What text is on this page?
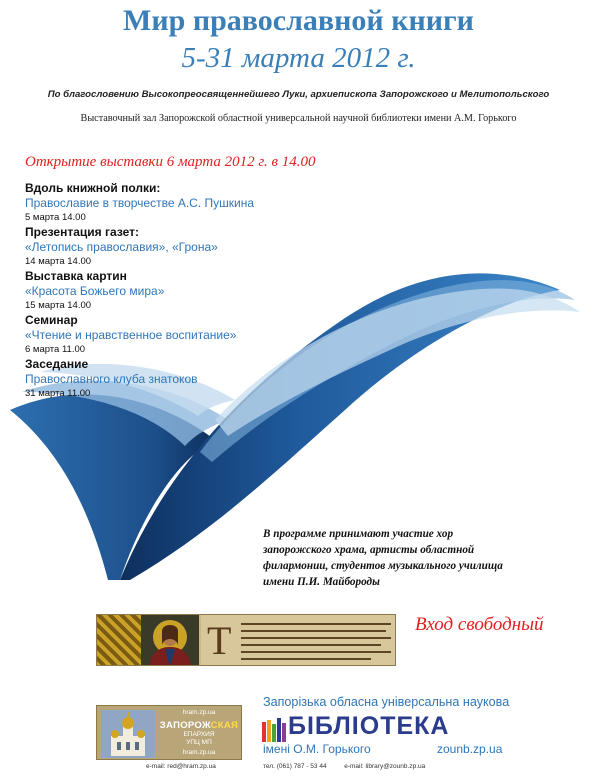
Мир православной книги
5-31 марта 2012 г.
По благословению Высокопреосвященнейшего Луки, архиепископа Запорожского и Мелитопольского
Выставочный зал Запорожской областной универсальной научной библиотеки имени А.М. Горького
Открытие выставки 6 марта 2012 г. в 14.00
Вдоль книжной полки:
Православие в творчестве А.С. Пушкина
5 марта 14.00
Презентация газет:
«Летопись православия», «Грона»
14 марта 14.00
Выставка картин
«Красота Божьего мира»
15 марта 14.00
Семинар
«Чтение и нравственное воспитание»
6 марта 11.00
Заседание
Православного клуба знатоков
31 марта 11.00
В программе принимают участие хор
запорожского храма, артисты областной
филармонии, студентов музыкального училища
имени П.И. Майбороды
Т	Вход свободный
hram.zp.ua
ЗАПОРОЖСКАЯ
ЕПАРХИЯ
УПЦ МП
hram.zp.ua
e-mail: red@hram.zp.ua
Запорізька обласна універсальна наукова
БІБЛІОТЕКА
імені О.М. Горького	zounb.zp.ua
тел. (061) 787 - 53 44	e-mail: library@zounb.zp.ua
